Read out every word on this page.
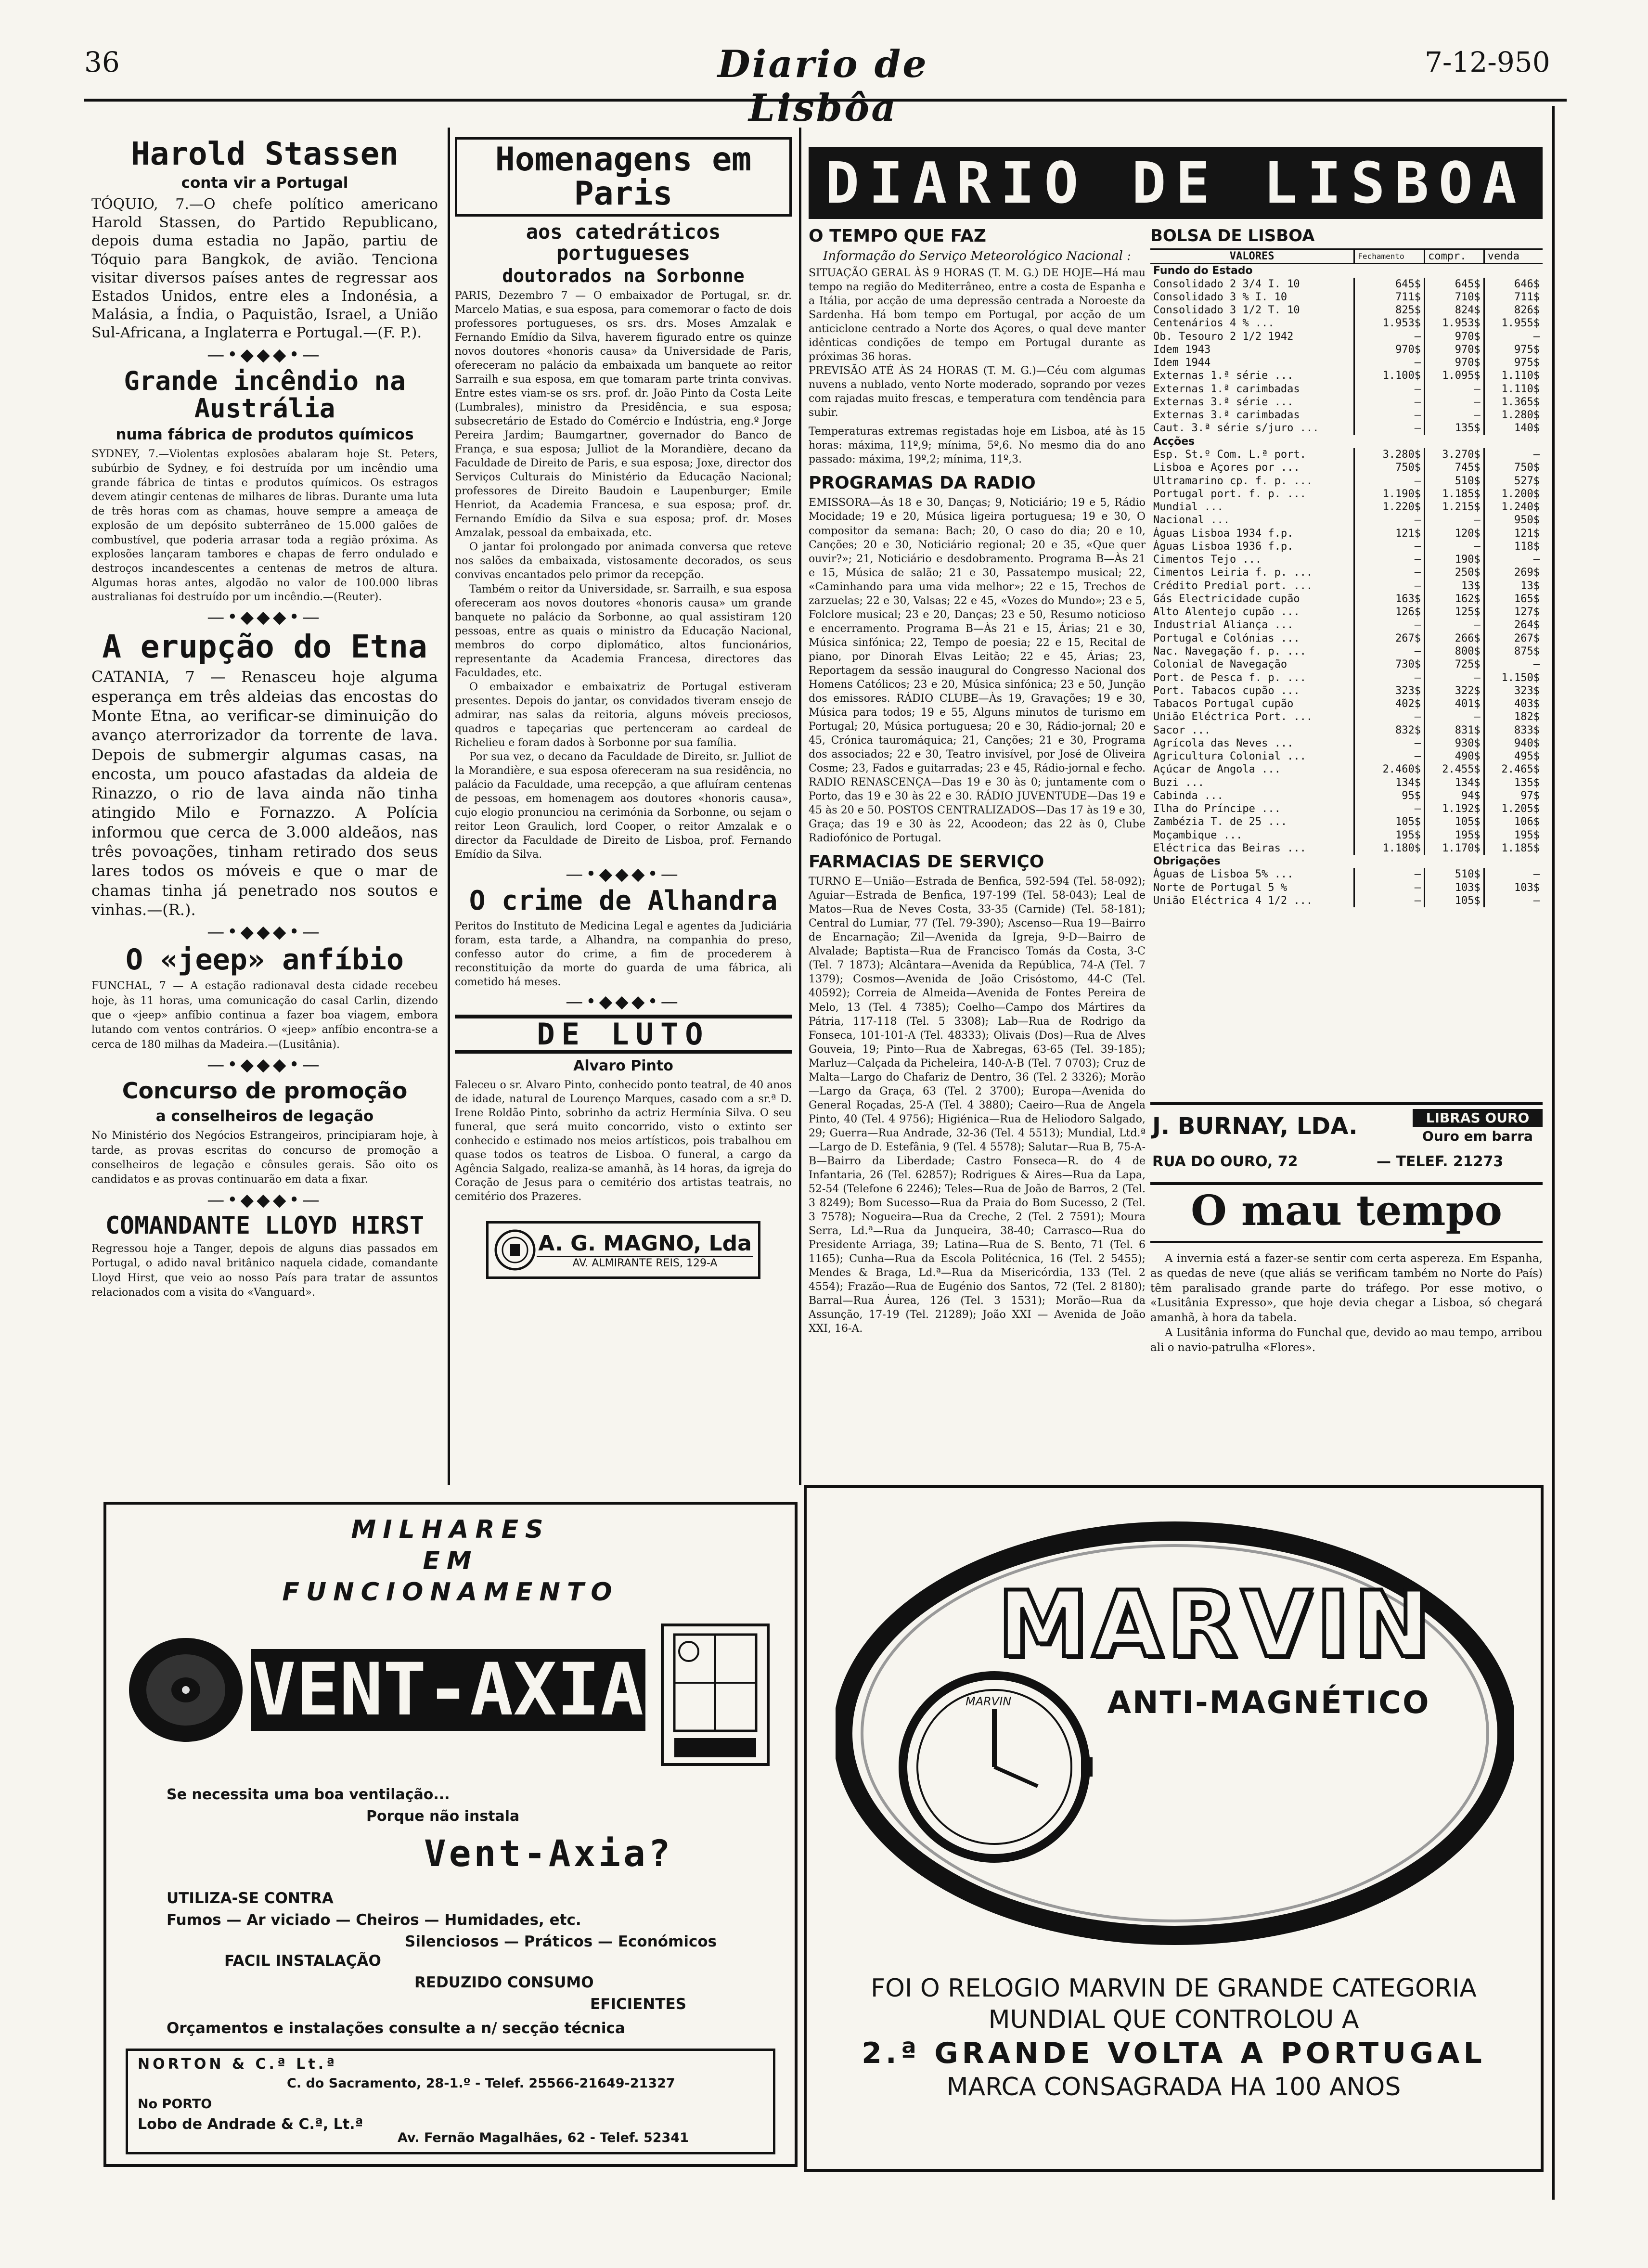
36	Diario de Lisbôa
7-12-950

Harold Stassen

conta vir a Portugal

TÓQUIO, 7.—O chefe político americano Harold Stassen, do Partido Republicano, depois duma estadia no Japão, partiu de Tóquio para Bangkok, de avião. Tenciona visitar diversos países antes de regressar aos Estados Unidos, entre eles a Indonésia, a Malásia, a Índia, o Paquistão, Israel, a União Sul-Africana, a Inglaterra e Portugal.—(F. P.).

—•◆◆◆•—

Grande incêndio na Austrália

numa fábrica de produtos químicos

SYDNEY, 7.—Violentas explosões abalaram hoje St. Peters, subúrbio de Sydney, e foi destruída por um incêndio uma grande fábrica de tintas e produtos químicos. Os estragos devem atingir centenas de milhares de libras. Durante uma luta de três horas com as chamas, houve sempre a ameaça de explosão de um depósito subterrâneo de 15.000 galões de combustível, que poderia arrasar toda a região próxima. As explosões lançaram tambores e chapas de ferro ondulado e destroços incandescentes a centenas de metros de altura. Algumas horas antes, algodão no valor de 100.000 libras australianas foi destruído por um incêndio.—(Reuter).

—•◆◆◆•—

A erupção do Etna

CATANIA, 7 — Renasceu hoje alguma esperança em três aldeias das encostas do Monte Etna, ao verificar-se diminuição do avanço aterrorizador da torrente de lava. Depois de submergir algumas casas, na encosta, um pouco afastadas da aldeia de Rinazzo, o rio de lava ainda não tinha atingido Milo e Fornazzo. A Polícia informou que cerca de 3.000 aldeãos, nas três povoações, tinham retirado dos seus lares todos os móveis e que o mar de chamas tinha já penetrado nos soutos e vinhas.—(R.).

—•◆◆◆•—

O «jeep» anfíbio

FUNCHAL, 7 — A estação radionaval desta cidade recebeu hoje, às 11 horas, uma comunicação do casal Carlin, dizendo que o «jeep» anfíbio continua a fazer boa viagem, embora lutando com ventos contrários. O «jeep» anfíbio encontra-se a cerca de 180 milhas da Madeira.—(Lusitânia).

—•◆◆◆•—

Concurso de promoção

a conselheiros de legação

No Ministério dos Negócios Estrangeiros, principiaram hoje, à tarde, as provas escritas do concurso de promoção a conselheiros de legação e cônsules gerais. São oito os candidatos e as provas continuarão em data a fixar.

—•◆◆◆•—

COMANDANTE LLOYD HIRST

Regressou hoje a Tanger, depois de alguns dias passados em Portugal, o adido naval britânico naquela cidade, comandante Lloyd Hirst, que veio ao nosso País para tratar de assuntos relacionados com a visita do «Vanguard».

Homenagens em Paris

aos catedráticos portugueses

doutorados na Sorbonne

PARIS, Dezembro 7 — O embaixador de Portugal, sr. dr. Marcelo Matias, e sua esposa, para comemorar o facto de dois professores portugueses, os srs. drs. Moses Amzalak e Fernando Emídio da Silva, haverem figurado entre os quinze novos doutores «honoris causa» da Universidade de Paris, ofereceram no palácio da embaixada um banquete ao reitor Sarrailh e sua esposa, em que tomaram parte trinta convivas. Entre estes viam-se os srs. prof. dr. João Pinto da Costa Leite (Lumbrales), ministro da Presidência, e sua esposa; subsecretário de Estado do Comércio e Indústria, eng.º Jorge Pereira Jardim; Baumgartner, governador do Banco de França, e sua esposa; Julliot de la Morandière, decano da Faculdade de Direito de Paris, e sua esposa; Joxe, director dos Serviços Culturais do Ministério da Educação Nacional; professores de Direito Baudoin e Laupenburger; Emile Henriot, da Academia Francesa, e sua esposa; prof. dr. Fernando Emídio da Silva e sua esposa; prof. dr. Moses Amzalak, pessoal da embaixada, etc.

O jantar foi prolongado por animada conversa que reteve nos salões da embaixada, vistosamente decorados, os seus convivas encantados pelo primor da recepção.

Também o reitor da Universidade, sr. Sarrailh, e sua esposa ofereceram aos novos doutores «honoris causa» um grande banquete no palácio da Sorbonne, ao qual assistiram 120 pessoas, entre as quais o ministro da Educação Nacional, membros do corpo diplomático, altos funcionários, representante da Academia Francesa, directores das Faculdades, etc.

O embaixador e embaixatriz de Portugal estiveram presentes. Depois do jantar, os convidados tiveram ensejo de admirar, nas salas da reitoria, alguns móveis preciosos, quadros e tapeçarias que pertenceram ao cardeal de Richelieu e foram dados à Sorbonne por sua família.

Por sua vez, o decano da Faculdade de Direito, sr. Julliot de la Morandière, e sua esposa ofereceram na sua residência, no palácio da Faculdade, uma recepção, a que afluíram centenas de pessoas, em homenagem aos doutores «honoris causa», cujo elogio pronunciou na cerimónia da Sorbonne, ou sejam o reitor Leon Graulich, lord Cooper, o reitor Amzalak e o director da Faculdade de Direito de Lisboa, prof. Fernando Emídio da Silva.

—•◆◆◆•—

O crime de Alhandra

Peritos do Instituto de Medicina Legal e agentes da Judiciária foram, esta tarde, a Alhandra, na companhia do preso, confesso autor do crime, a fim de procederem à reconstituição da morte do guarda de uma fábrica, ali cometido há meses.

—•◆◆◆•—

DE LUTO

Alvaro Pinto

Faleceu o sr. Alvaro Pinto, conhecido ponto teatral, de 40 anos de idade, natural de Lourenço Marques, casado com a sr.ª D. Irene Roldão Pinto, sobrinho da actriz Hermínia Silva. O seu funeral, que será muito concorrido, visto o extinto ser conhecido e estimado nos meios artísticos, pois trabalhou em quase todos os teatros de Lisboa. O funeral, a cargo da Agência Salgado, realiza-se amanhã, às 14 horas, da igreja do Coração de Jesus para o cemitério dos artistas teatrais, no cemitério dos Prazeres.

A. G. MAGNO, Lda
AV. ALMIRANTE REIS, 129-A
DIARIO DE LISBOA

O TEMPO QUE FAZ

Informação do Serviço Meteorológico Nacional :

SITUAÇÃO GERAL ÀS 9 HORAS (T. M. G.) DE HOJE—Há mau tempo na região do Mediterrâneo, entre a costa de Espanha e a Itália, por acção de uma depressão centrada a Noroeste da Sardenha. Há bom tempo em Portugal, por acção de um anticiclone centrado a Norte dos Açores, o qual deve manter idênticas condições de tempo em Portugal durante as próximas 36 horas.

PREVISÃO ATÉ ÀS 24 HORAS (T. M. G.)—Céu com algumas nuvens a nublado, vento Norte moderado, soprando por vezes com rajadas muito frescas, e temperatura com tendência para subir.

Temperaturas extremas registadas hoje em Lisboa, até às 15 horas: máxima, 11º,9; mínima, 5º,6. No mesmo dia do ano passado: máxima, 19º,2; mínima, 11º,3.

PROGRAMAS DA RADIO

EMISSORA—Às 18 e 30, Danças; 9, Noticiário; 19 e 5, Rádio Mocidade; 19 e 20, Música ligeira portuguesa; 19 e 30, O compositor da semana: Bach; 20, O caso do dia; 20 e 10, Canções; 20 e 30, Noticiário regional; 20 e 35, «Que quer ouvir?»; 21, Noticiário e desdobramento. Programa B—Às 21 e 15, Música de salão; 21 e 30, Passatempo musical; 22, «Caminhando para uma vida melhor»; 22 e 15, Trechos de zarzuelas; 22 e 30, Valsas; 22 e 45, «Vozes do Mundo»; 23 e 5, Folclore musical; 23 e 20, Danças; 23 e 50, Resumo noticioso e encerramento. Programa B—Às 21 e 15, Árias; 21 e 30, Música sinfónica; 22, Tempo de poesia; 22 e 15, Recital de piano, por Dinorah Elvas Leitão; 22 e 45, Árias; 23, Reportagem da sessão inaugural do Congresso Nacional dos Homens Católicos; 23 e 20, Música sinfónica; 23 e 50, Junção dos emissores. RÁDIO CLUBE—Às 19, Gravações; 19 e 30, Música para todos; 19 e 55, Alguns minutos de turismo em Portugal; 20, Música portuguesa; 20 e 30, Rádio-jornal; 20 e 45, Crónica tauromáquica; 21, Canções; 21 e 30, Programa dos associados; 22 e 30, Teatro invisível, por José de Oliveira Cosme; 23, Fados e guitarradas; 23 e 45, Rádio-jornal e fecho. RADIO RENASCENÇA—Das 19 e 30 às 0; juntamente com o Porto, das 19 e 30 às 22 e 30. RÁDIO JUVENTUDE—Das 19 e 45 às 20 e 50. POSTOS CENTRALIZADOS—Das 17 às 19 e 30, Graça; das 19 e 30 às 22, Acoodeon; das 22 às 0, Clube Radiofónico de Portugal.

FARMACIAS DE SERVIÇO

TURNO E—União—Estrada de Benfica, 592-594 (Tel. 58-092); Aguiar—Estrada de Benfica, 197-199 (Tel. 58-043); Leal de Matos—Rua de Neves Costa, 33-35 (Carnide) (Tel. 58-181); Central do Lumiar, 77 (Tel. 79-390); Ascenso—Rua 19—Bairro de Encarnação; Zil—Avenida da Igreja, 9-D—Bairro de Alvalade; Baptista—Rua de Francisco Tomás da Costa, 3-C (Tel. 7 1873); Alcântara—Avenida da República, 74-A (Tel. 7 1379); Cosmos—Avenida de João Crisóstomo, 44-C (Tel. 40592); Correia de Almeida—Avenida de Fontes Pereira de Melo, 13 (Tel. 4 7385); Coelho—Campo dos Mártires da Pátria, 117-118 (Tel. 5 3308); Lab—Rua de Rodrigo da Fonseca, 101-101-A (Tel. 48333); Olivais (Dos)—Rua de Alves Gouveia, 19; Pinto—Rua de Xabregas, 63-65 (Tel. 39-185); Marluz—Calçada da Picheleira, 140-A-B (Tel. 7 0703); Cruz de Malta—Largo do Chafariz de Dentro, 36 (Tel. 2 3326); Morão—Largo da Graça, 63 (Tel. 2 3700); Europa—Avenida do General Roçadas, 25-A (Tel. 4 3880); Caeiro—Rua de Angela Pinto, 40 (Tel. 4 9756); Higiénica—Rua de Heliodoro Salgado, 29; Guerra—Rua Andrade, 32-36 (Tel. 4 5513); Mundial, Ltd.ª—Largo de D. Estefânia, 9 (Tel. 4 5578); Salutar—Rua B, 75-A-B—Bairro da Liberdade; Castro Fonseca—R. do 4 de Infantaria, 26 (Tel. 62857); Rodrigues & Aires—Rua da Lapa, 52-54 (Telefone 6 2246); Teles—Rua de João de Barros, 2 (Tel. 3 8249); Bom Sucesso—Rua da Praia do Bom Sucesso, 2 (Tel. 3 7578); Nogueira—Rua da Creche, 2 (Tel. 2 7591); Moura Serra, Ld.ª—Rua da Junqueira, 38-40; Carrasco—Rua do Presidente Arriaga, 39; Latina—Rua de S. Bento, 71 (Tel. 6 1165); Cunha—Rua da Escola Politécnica, 16 (Tel. 2 5455); Mendes & Braga, Ld.ª—Rua da Misericórdia, 133 (Tel. 2 4554); Frazão—Rua de Eugénio dos Santos, 72 (Tel. 2 8180); Barral—Rua Áurea, 126 (Tel. 3 1531); Morão—Rua da Assunção, 17-19 (Tel. 21289); João XXI — Avenida de João XXI, 16-A.

BOLSA DE LISBOA

VALORES	Fechamento	compr.	venda
Fundo do Estado			
Consolidado 2 3/4 I. 10	645$	645$	646$
Consolidado 3 % I. 10	711$	710$	711$
Consolidado 3 1/2 T. 10	825$	824$	826$
Centenários 4 % ...	1.953$	1.953$	1.955$
Ob. Tesouro 2 1/2 1942	—	970$	—
Idem 1943	970$	970$	975$
Idem 1944	—	970$	975$
Externas 1.ª série ...	1.100$	1.095$	1.110$
Externas 1.ª carimbadas	—	—	1.110$
Externas 3.ª série ...	—	—	1.365$
Externas 3.ª carimbadas	—	—	1.280$
Caut. 3.ª série s/juro ...	—	135$	140$
Acções			
Esp. St.º Com. L.ª port.	3.280$	3.270$	—
Lisboa e Açores por ...	750$	745$	750$
Ultramarino cp. f. p. ...	—	510$	527$
Portugal port. f. p. ...	1.190$	1.185$	1.200$
Mundial ...	1.220$	1.215$	1.240$
Nacional ...	—	—	950$
Águas Lisboa 1934 f.p.	121$	120$	121$
Águas Lisboa 1936 f.p.	—	—	118$
Cimentos Tejo ...	—	190$	—
Cimentos Leiria f. p. ...	—	250$	269$
Crédito Predial port. ...	—	13$	13$
Gás Electricidade cupão	163$	162$	165$
Alto Alentejo cupão ...	126$	125$	127$
Industrial Aliança ...	—	—	264$
Portugal e Colónias ...	267$	266$	267$
Nac. Navegação f. p. ...	—	800$	875$
Colonial de Navegação	730$	725$	—
Port. de Pesca f. p. ...	—	—	1.150$
Port. Tabacos cupão ...	323$	322$	323$
Tabacos Portugal cupão	402$	401$	403$
União Eléctrica Port. ...	—	—	182$
Sacor ...	832$	831$	833$
Agrícola das Neves ...	—	930$	940$
Agricultura Colonial ...	—	490$	495$
Açúcar de Angola ...	2.460$	2.455$	2.465$
Buzi ...	134$	134$	135$
Cabinda ...	95$	94$	97$
Ilha do Príncipe ...	—	1.192$	1.205$
Zambézia T. de 25 ...	105$	105$	106$
Moçambique ...	195$	195$	195$
Eléctrica das Beiras ...	1.180$	1.170$	1.185$
Obrigações			
Águas de Lisboa 5% ...	—	510$	—
Norte de Portugal 5 %	—	103$	103$
União Eléctrica 4 1/2 ...	—	105$	—
J. BURNAY, LDA.	LIBRAS OURO
Ouro em barra
RUA DO OURO, 72	— TELEF. 21273

O mau tempo

A invernia está a fazer-se sentir com certa aspereza. Em Espanha, as quedas de neve (que aliás se verificam também no Norte do País) têm paralisado grande parte do tráfego. Por esse motivo, o «Lusitânia Expresso», que hoje devia chegar a Lisboa, só chegará amanhã, à hora da tabela.

A Lusitânia informa do Funchal que, devido ao mau tempo, arribou ali o navio-patrulha «Flores».

MILHARES
EM
FUNCIONAMENTO
VENT-AXIA
Se necessita uma boa ventilação...
Porque não instala
Vent-Axia?
UTILIZA-SE CONTRA
Fumos — Ar viciado — Cheiros — Humidades, etc.
Silenciosos — Práticos — Económicos
FACIL INSTALAÇÃO
REDUZIDO CONSUMO
EFICIENTES
Orçamentos e instalações consulte a n/ secção técnica
NORTON & C.ª Lt.ª
C. do Sacramento, 28-1.º - Telef. 25566-21649-21327
No PORTO
Lobo de Andrade & C.ª, Lt.ª
Av. Fernão Magalhães, 62 - Telef. 52341
MARVIN
MARVIN
ANTI-MAGNÉTICO
FOI O RELOGIO MARVIN DE GRANDE CATEGORIA
MUNDIAL QUE CONTROLOU A
2.ª GRANDE VOLTA A PORTUGAL
MARCA CONSAGRADA HA 100 ANOS
